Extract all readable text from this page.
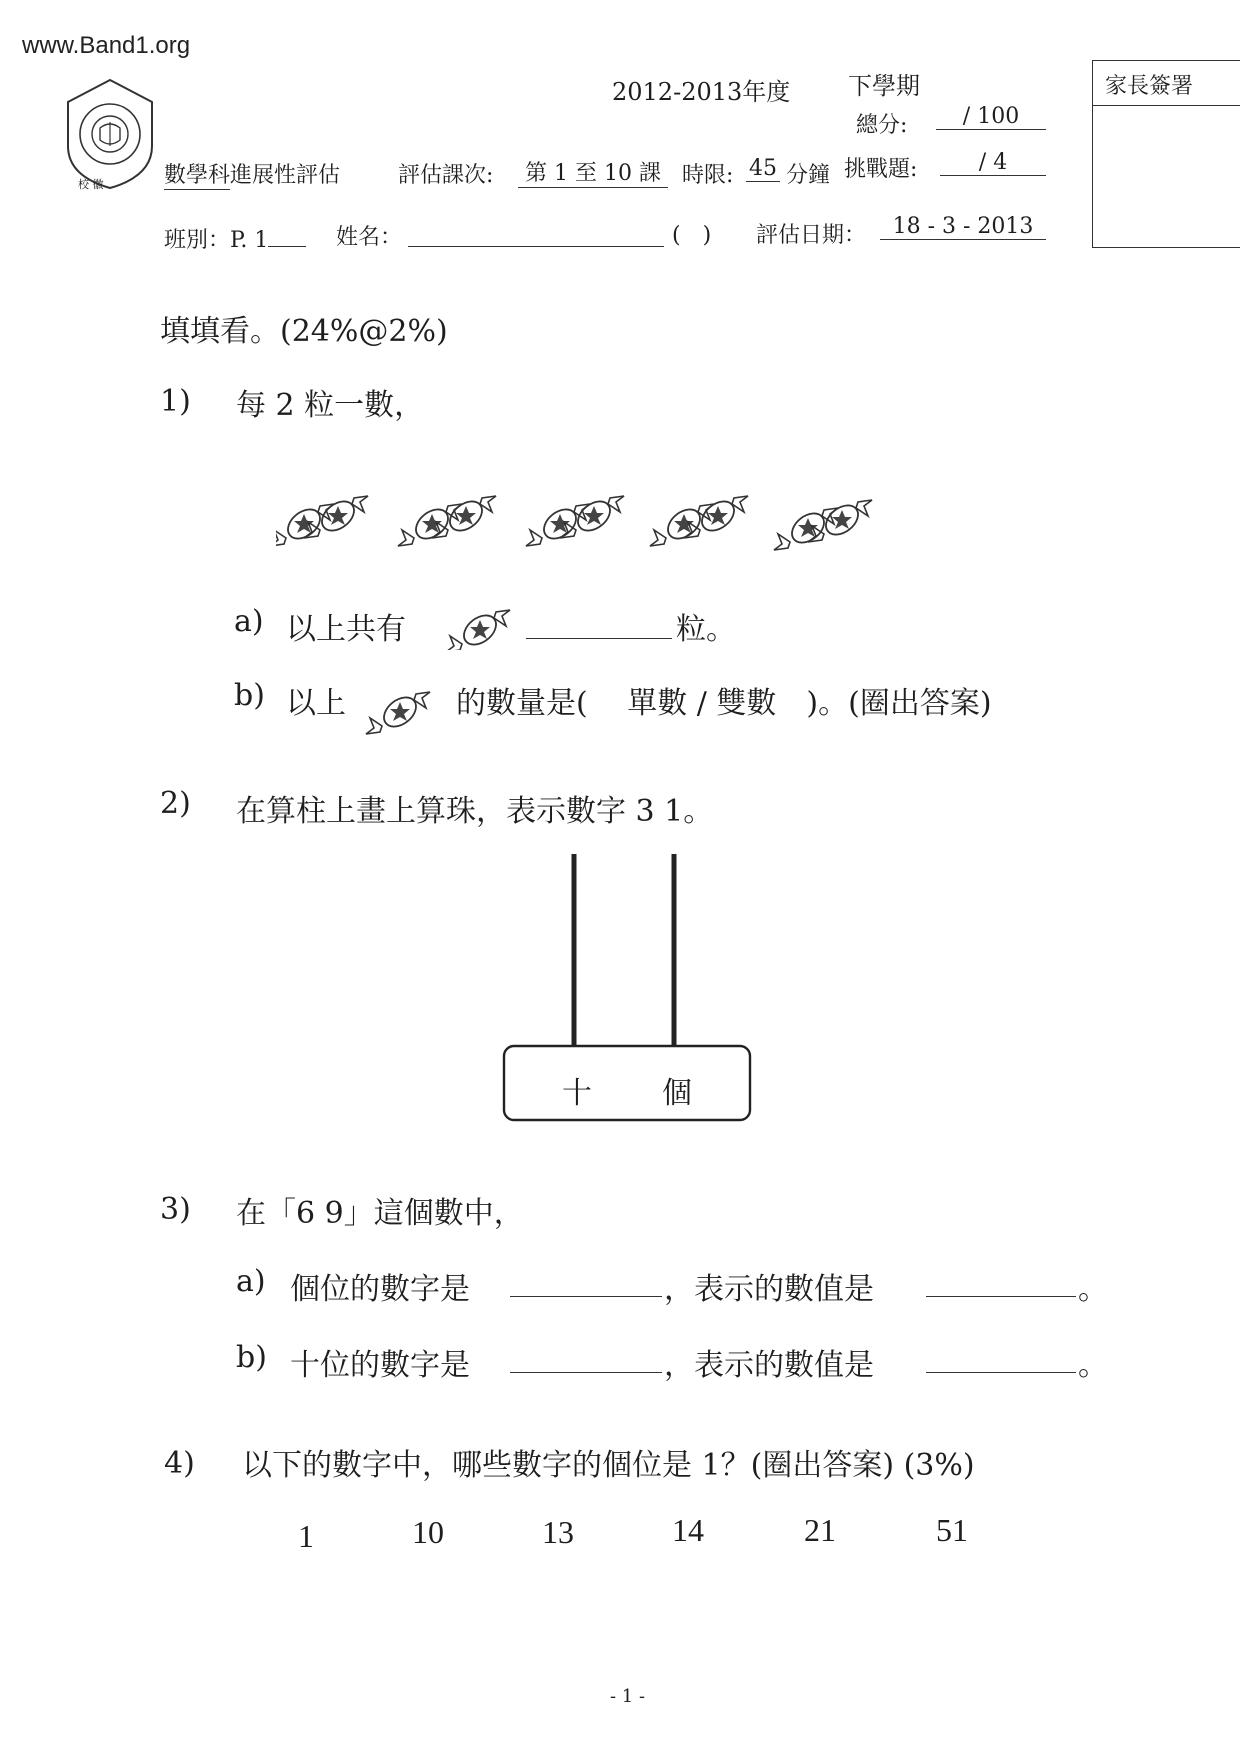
www.Band1.org
校 徽
2012-2013年度 下學期
總分:	/ 100
數學科進展性評估	評估課次:	第 1 至 10 課 時限: 45 分鐘 挑戰題:	/ 4
班別：P. 1	姓名：	(　) 評估日期：	18 - 3 - 2013
家長簽署
填填看。(24%@2%)
1) 每 2 粒一數，
a) 以上共有	粒。
b) 以上	的數量是(　 單數 / 雙數　)。(圈出答案)
2) 在算柱上畫上算珠，表示數字 3 1。
十 個
3) 在「6 9」這個數中，
a) 個位的數字是	，表示的數值是	。
b) 十位的數字是	，表示的數值是	。
4) 以下的數字中，哪些數字的個位是 1？(圈出答案) (3%)
1	10	13	14	21	51
- 1 -
